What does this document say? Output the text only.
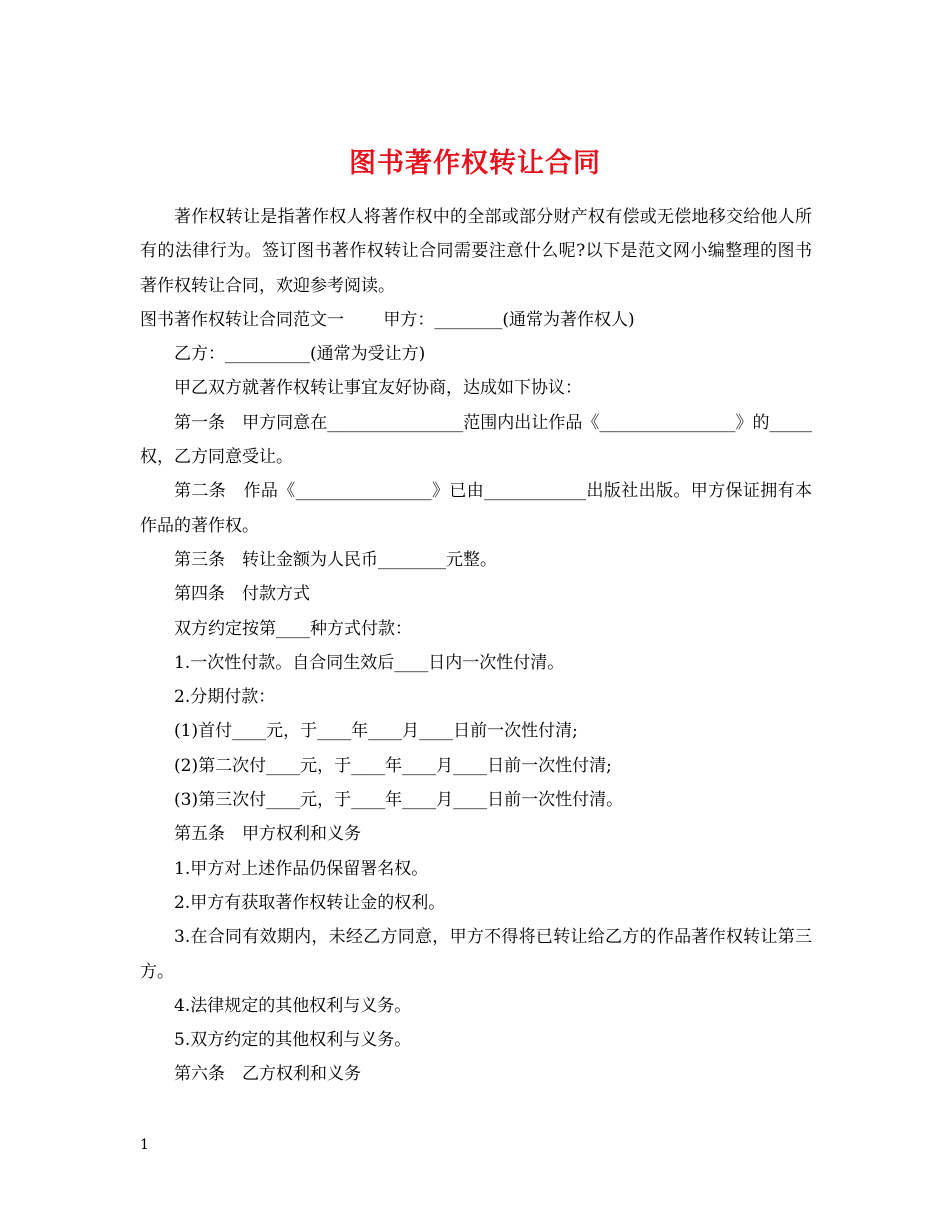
图书著作权转让合同

著作权转让是指著作权人将著作权中的全部或部分财产权有偿或无偿地移交给他人所有的法律行为。签订图书著作权转让合同需要注意什么呢?以下是范文网小编整理的图书著作权转让合同，欢迎参考阅读。

图书著作权转让合同范文一　　 甲方：________(通常为著作权人)

乙方：__________(通常为受让方)

甲乙双方就著作权转让事宜友好协商，达成如下协议：

第一条　甲方同意在________________范围内出让作品《________________》的_____权，乙方同意受让。

第二条　作品《________________》已由____________出版社出版。甲方保证拥有本作品的著作权。

第三条　转让金额为人民币________元整。

第四条　付款方式

双方约定按第____种方式付款：

1.一次性付款。自合同生效后____日内一次性付清。

2.分期付款：

(1)首付____元，于____年____月____日前一次性付清;

(2)第二次付____元，于____年____月____日前一次性付清;

(3)第三次付____元，于____年____月____日前一次性付清。

第五条　甲方权利和义务

1.甲方对上述作品仍保留署名权。

2.甲方有获取著作权转让金的权利。

3.在合同有效期内，未经乙方同意，甲方不得将已转让给乙方的作品著作权转让第三方。

4.法律规定的其他权利与义务。

5.双方约定的其他权利与义务。

第六条　乙方权利和义务

1
